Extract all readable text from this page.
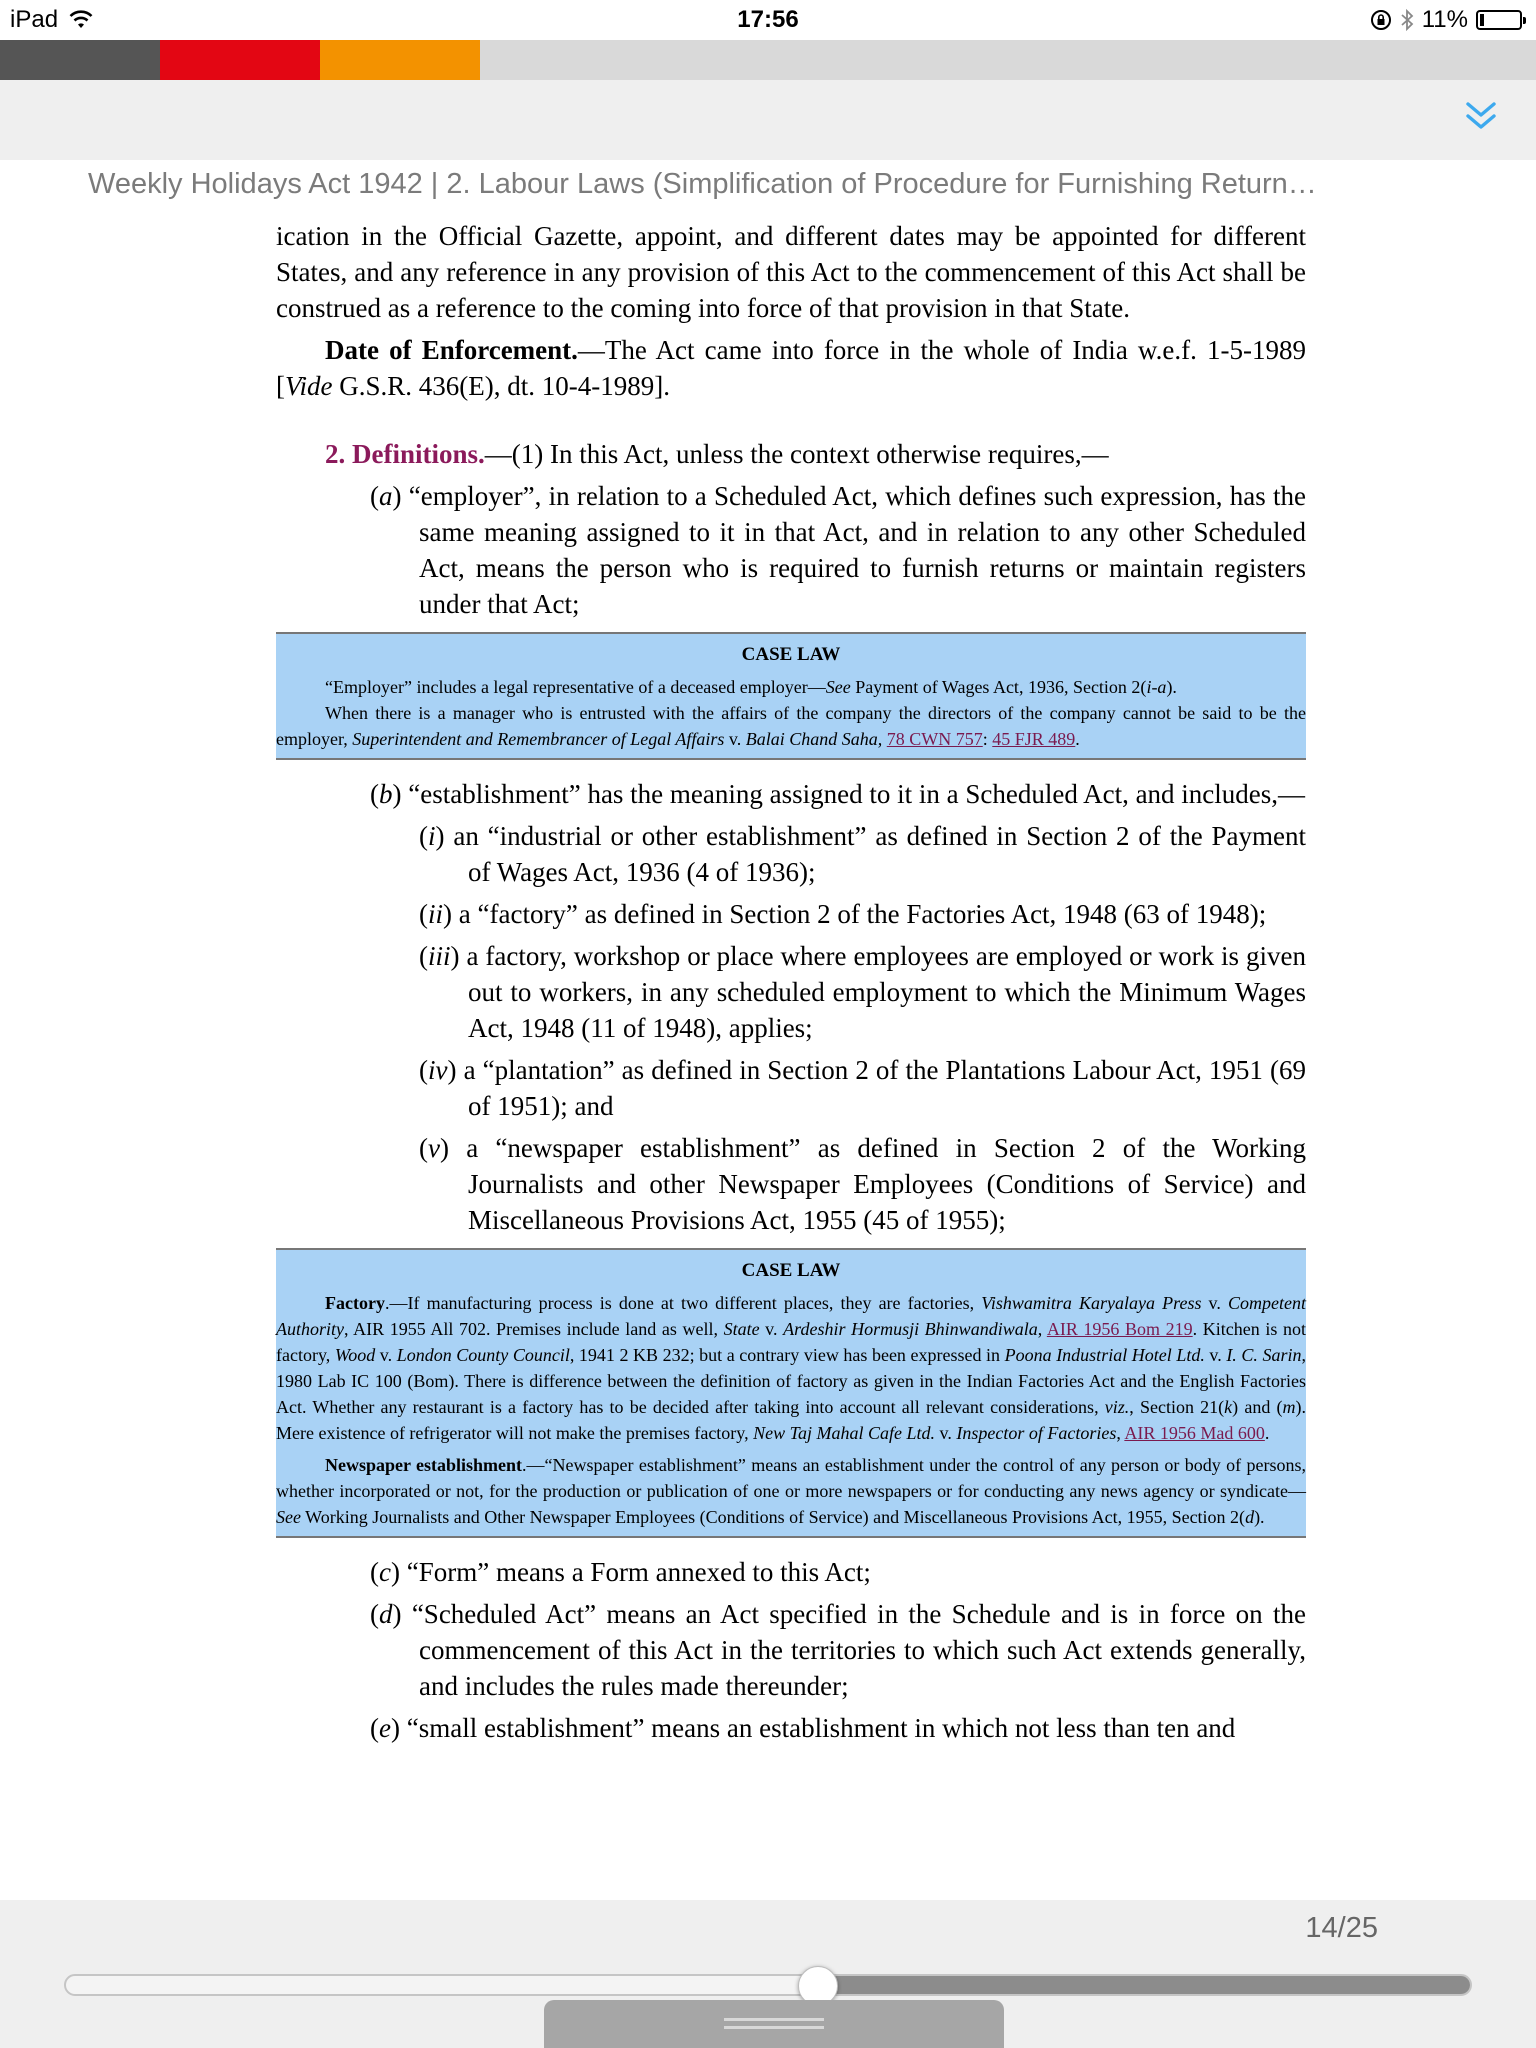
iPad	17:56	11%
Weekly Holidays Act 1942 | 2. Labour Laws (Simplification of Procedure for Furnishing Return…

ication in the Official Gazette, appoint, and different dates may be appointed for different States, and any reference in any provision of this Act to the commencement of this Act shall be construed as a reference to the coming into force of that provision in that State.

Date of Enforcement.—The Act came into force in the whole of India w.e.f. 1-5-1989 [Vide G.S.R. 436(E), dt. 10-4-1989].

2. Definitions.—(1) In this Act, unless the context otherwise requires,—

(a) “employer”, in relation to a Scheduled Act, which defines such expression, has the same meaning assigned to it in that Act, and in relation to any other Scheduled Act, means the person who is required to furnish returns or maintain registers under that Act;

CASE LAW

“Employer” includes a legal representative of a deceased employer—See Payment of Wages Act, 1936, Section 2(i-a).

When there is a manager who is entrusted with the affairs of the company the directors of the company cannot be said to be the employer, Superintendent and Remembrancer of Legal Affairs v. Balai Chand Saha, 78 CWN 757: 45 FJR 489.

(b) “establishment” has the meaning assigned to it in a Scheduled Act, and includes,—

(i) an “industrial or other establishment” as defined in Section 2 of the Payment of Wages Act, 1936 (4 of 1936);

(ii) a “factory” as defined in Section 2 of the Factories Act, 1948 (63 of 1948);

(iii) a factory, workshop or place where employees are employed or work is given out to workers, in any scheduled employment to which the Minimum Wages Act, 1948 (11 of 1948), applies;

(iv) a “plantation” as defined in Section 2 of the Plantations Labour Act, 1951 (69 of 1951); and

(v) a “newspaper establishment” as defined in Section 2 of the Working Journalists and other Newspaper Employees (Conditions of Service) and Miscellaneous Provisions Act, 1955 (45 of 1955);

CASE LAW

Factory.—If manufacturing process is done at two different places, they are factories, Vishwamitra Karyalaya Press v. Competent Authority, AIR 1955 All 702. Premises include land as well, State v. Ardeshir Hormusji Bhinwandiwala, AIR 1956 Bom 219. Kitchen is not factory, Wood v. London County Council, 1941 2 KB 232; but a contrary view has been expressed in Poona Industrial Hotel Ltd. v. I. C. Sarin, 1980 Lab IC 100 (Bom). There is difference between the definition of factory as given in the Indian Factories Act and the English Factories Act. Whether any restaurant is a factory has to be decided after taking into account all relevant considerations, viz., Section 21(k) and (m). Mere existence of refrigerator will not make the premises factory, New Taj Mahal Cafe Ltd. v. Inspector of Factories, AIR 1956 Mad 600.

Newspaper establishment.—“Newspaper establishment” means an establishment under the control of any person or body of persons, whether incorporated or not, for the production or publication of one or more newspapers or for conducting any news agency or syndicate—See Working Journalists and Other Newspaper Employees (Conditions of Service) and Miscellaneous Provisions Act, 1955, Section 2(d).

(c) “Form” means a Form annexed to this Act;

(d) “Scheduled Act” means an Act specified in the Schedule and is in force on the commencement of this Act in the territories to which such Act extends generally, and includes the rules made thereunder;

(e) “small establishment” means an establishment in which not less than ten and

14/25
